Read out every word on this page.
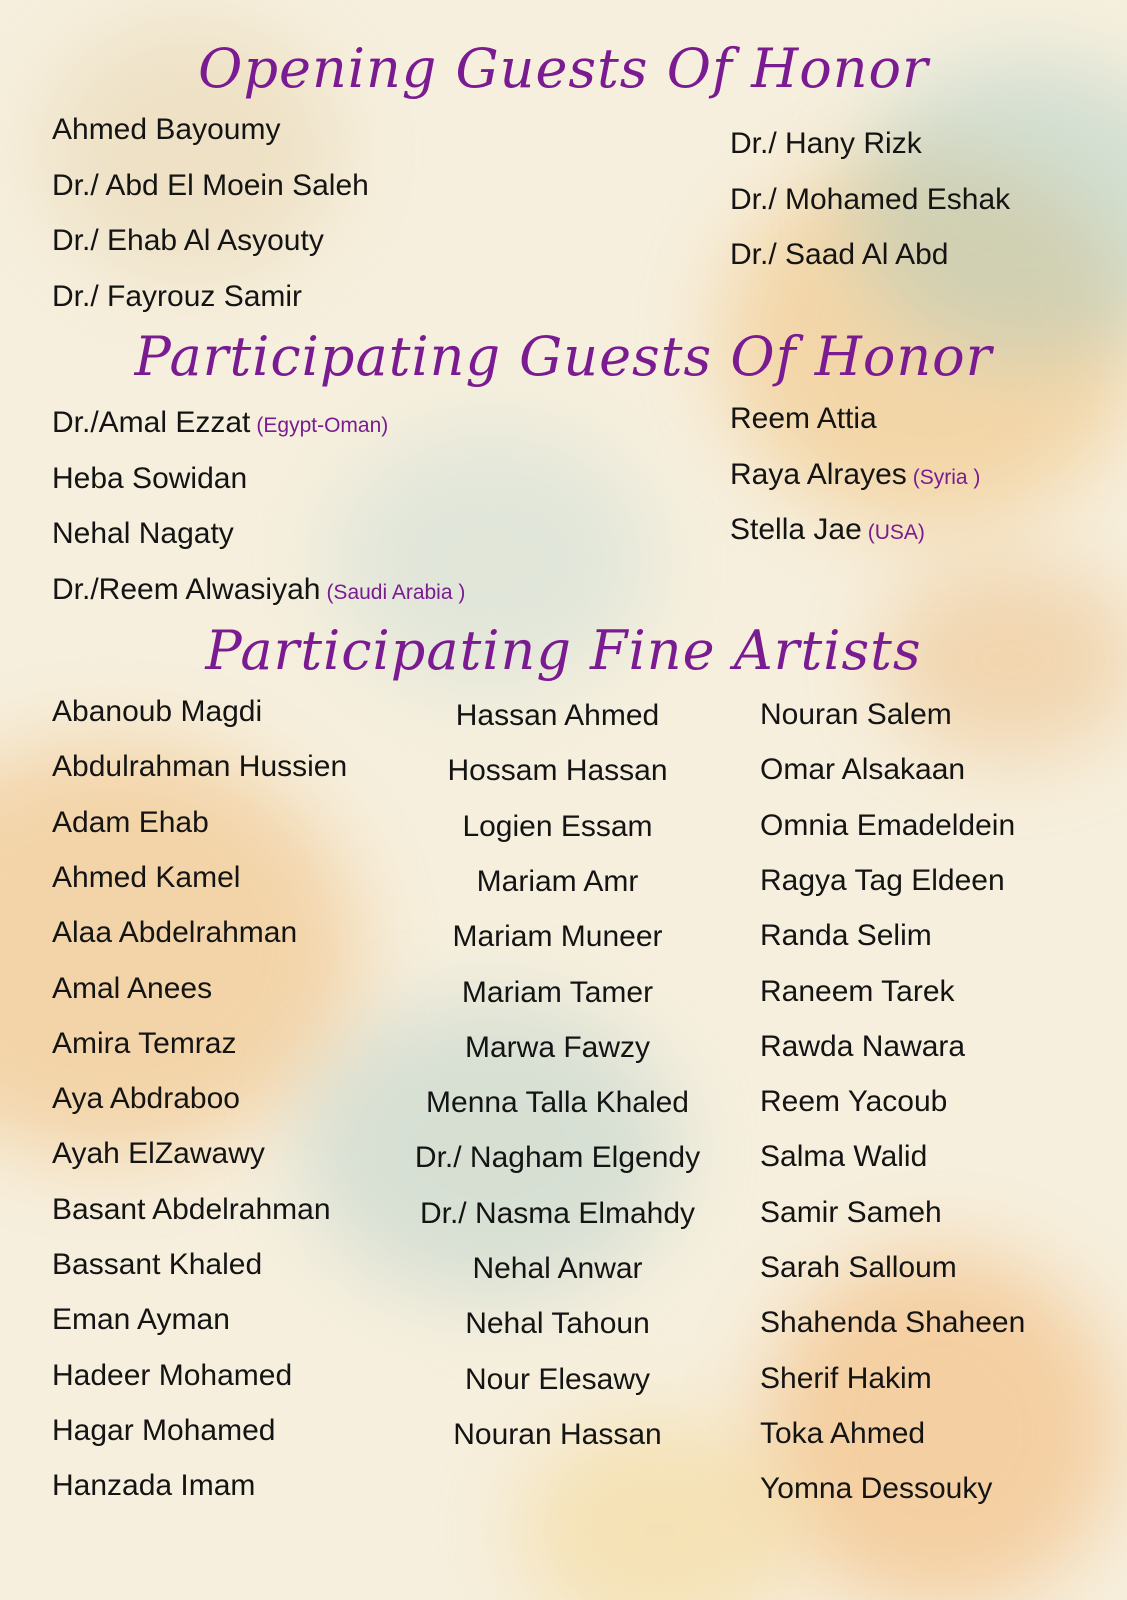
Opening Guests Of Honor
Participating Guests Of Honor
Participating Fine Artists
Ahmed Bayoumy
Dr./ Abd El Moein Saleh
Dr./ Ehab Al Asyouty
Dr./ Fayrouz Samir
Dr./ Hany Rizk
Dr./ Mohamed Eshak
Dr./ Saad Al Abd
Dr./Amal Ezzat (Egypt-Oman)
Heba Sowidan
Nehal Nagaty
Dr./Reem Alwasiyah (Saudi Arabia )
Reem Attia
Raya Alrayes (Syria )
Stella Jae (USA)
Abanoub Magdi
Abdulrahman Hussien
Adam Ehab
Ahmed Kamel
Alaa Abdelrahman
Amal Anees
Amira Temraz
Aya Abdraboo
Ayah ElZawawy
Basant Abdelrahman
Bassant Khaled
Eman Ayman
Hadeer Mohamed
Hagar Mohamed
Hanzada Imam
Hassan Ahmed
Hossam Hassan
Logien Essam
Mariam Amr
Mariam Muneer
Mariam Tamer
Marwa Fawzy
Menna Talla Khaled
Dr./ Nagham Elgendy
Dr./ Nasma Elmahdy
Nehal Anwar
Nehal Tahoun
Nour Elesawy
Nouran Hassan
Nouran Salem
Omar Alsakaan
Omnia Emadeldein
Ragya Tag Eldeen
Randa Selim
Raneem Tarek
Rawda Nawara
Reem Yacoub
Salma Walid
Samir Sameh
Sarah Salloum
Shahenda Shaheen
Sherif Hakim
Toka Ahmed
Yomna Dessouky
